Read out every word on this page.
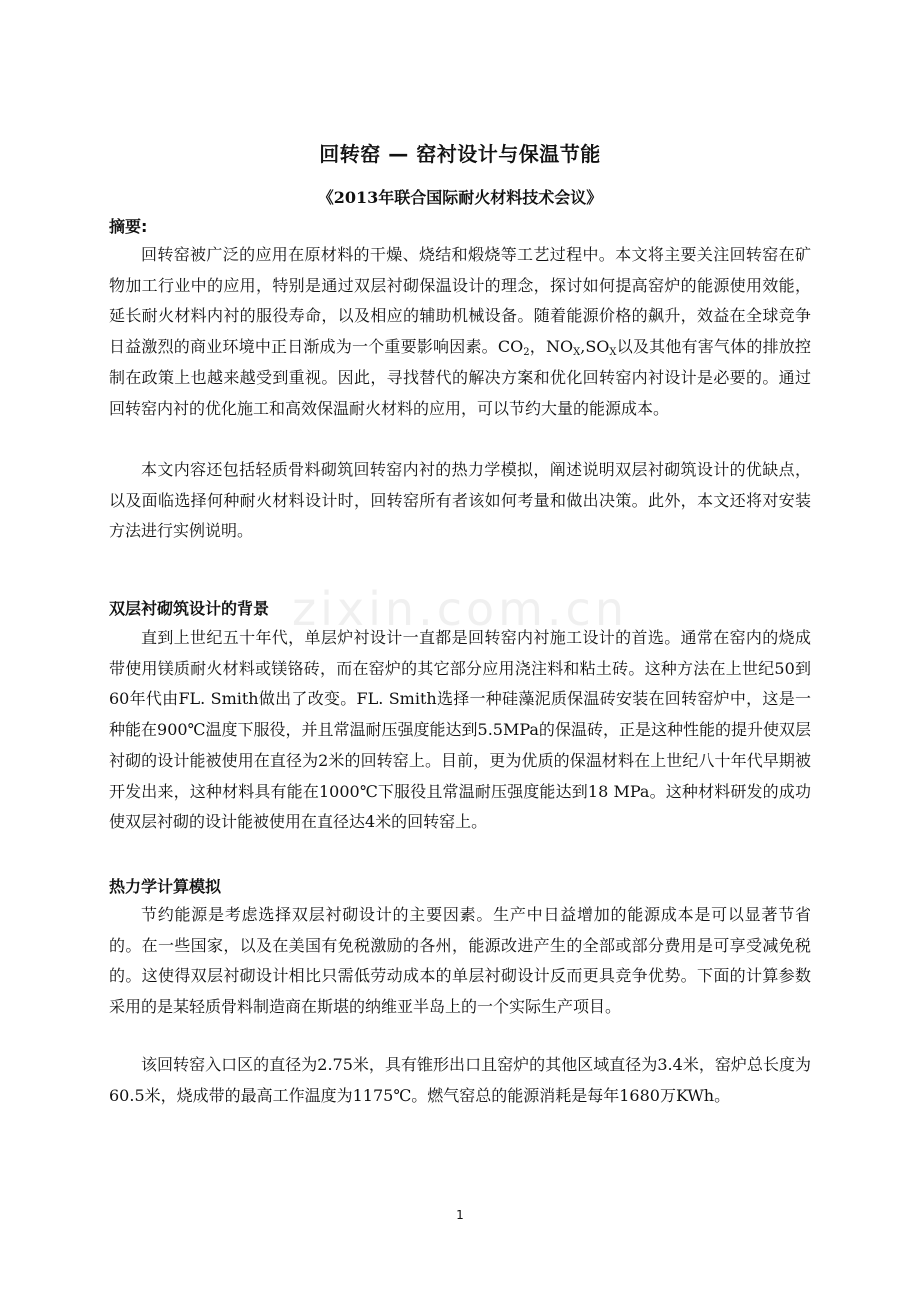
zixin.com.cn
回转窑 — 窑衬设计与保温节能
《2013年联合国际耐火材料技术会议》
摘要:
回转窑被广泛的应用在原材料的干燥、烧结和煅烧等工艺过程中。本文将主要关注回转窑在矿物加工行业中的应用，特别是通过双层衬砌保温设计的理念，探讨如何提高窑炉的能源使用效能，延长耐火材料内衬的服役寿命，以及相应的辅助机械设备。随着能源价格的飙升，效益在全球竞争日益激烈的商业环境中正日渐成为一个重要影响因素。$CO_2$，$NO_X,SO_X$以及其他有害气体的排放控制在政策上也越来越受到重视。因此，寻找替代的解决方案和优化回转窑内衬设计是必要的。通过回转窑内衬的优化施工和高效保温耐火材料的应用，可以节约大量的能源成本。
本文内容还包括轻质骨料砌筑回转窑内衬的热力学模拟，阐述说明双层衬砌筑设计的优缺点，以及面临选择何种耐火材料设计时，回转窑所有者该如何考量和做出决策。此外，本文还将对安装方法进行实例说明。
双层衬砌筑设计的背景
直到上世纪五十年代，单层炉衬设计一直都是回转窑内衬施工设计的首选。通常在窑内的烧成带使用镁质耐火材料或镁铬砖，而在窑炉的其它部分应用浇注料和粘土砖。这种方法在上世纪50到60年代由FL. Smith做出了改变。FL. Smith选择一种硅藻泥质保温砖安装在回转窑炉中，这是一种能在900℃温度下服役，并且常温耐压强度能达到5.5MPa的保温砖，正是这种性能的提升使双层衬砌的设计能被使用在直径为2米的回转窑上。目前，更为优质的保温材料在上世纪八十年代早期被开发出来，这种材料具有能在1000℃下服役且常温耐压强度能达到18 MPa。这种材料研发的成功使双层衬砌的设计能被使用在直径达4米的回转窑上。
热力学计算模拟
节约能源是考虑选择双层衬砌设计的主要因素。生产中日益增加的能源成本是可以显著节省的。在一些国家，以及在美国有免税激励的各州，能源改进产生的全部或部分费用是可享受减免税的。这使得双层衬砌设计相比只需低劳动成本的单层衬砌设计反而更具竞争优势。下面的计算参数采用的是某轻质骨料制造商在斯堪的纳维亚半岛上的一个实际生产项目。
该回转窑入口区的直径为2.75米，具有锥形出口且窑炉的其他区域直径为3.4米，窑炉总长度为60.5米，烧成带的最高工作温度为1175℃。燃气窑总的能源消耗是每年1680万KWh。
1
